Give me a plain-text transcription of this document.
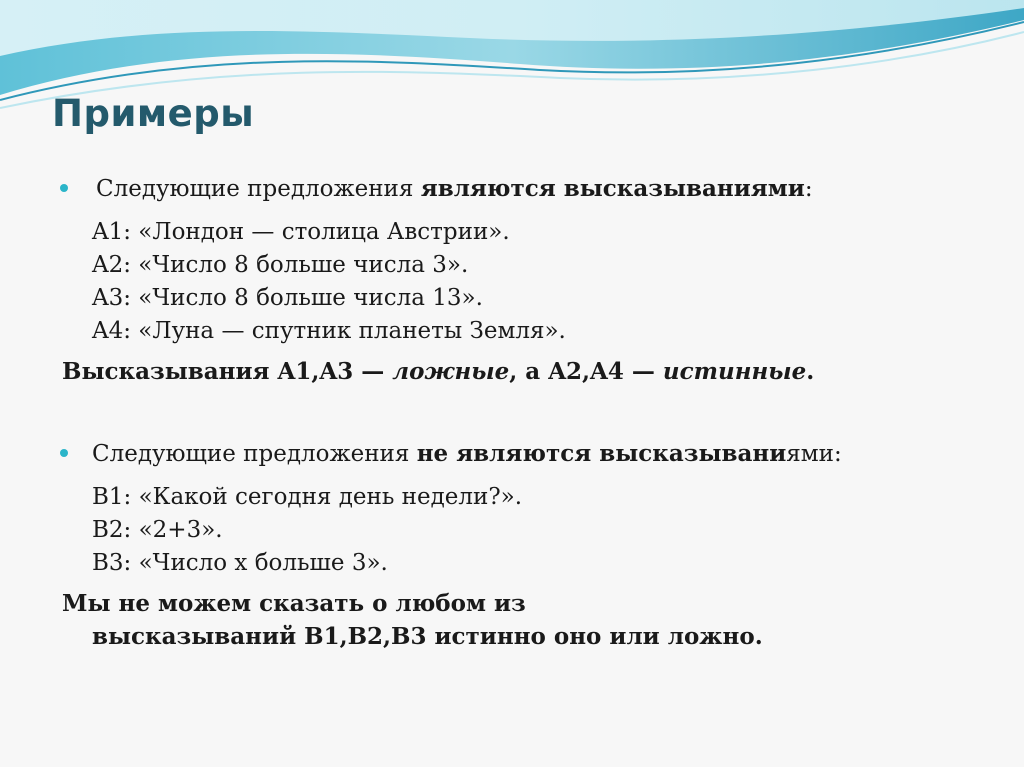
Примеры
Следующие предложения являются высказываниями:
A1: «Лондон — столица Австрии».
A2: «Число 8 больше числа 3».
A3: «Число 8 больше числа 13».
A4: «Луна — спутник планеты Земля».
Высказывания A1,A3 — ложные, а A2,A4 — истинные.
Следующие предложения не являются высказываниями:
B1: «Какой сегодня день недели?».
B2: «2+3».
B3: «Число x больше 3».
Мы не можем сказать о любом из
высказываний B1,B2,B3 истинно оно или ложно.
